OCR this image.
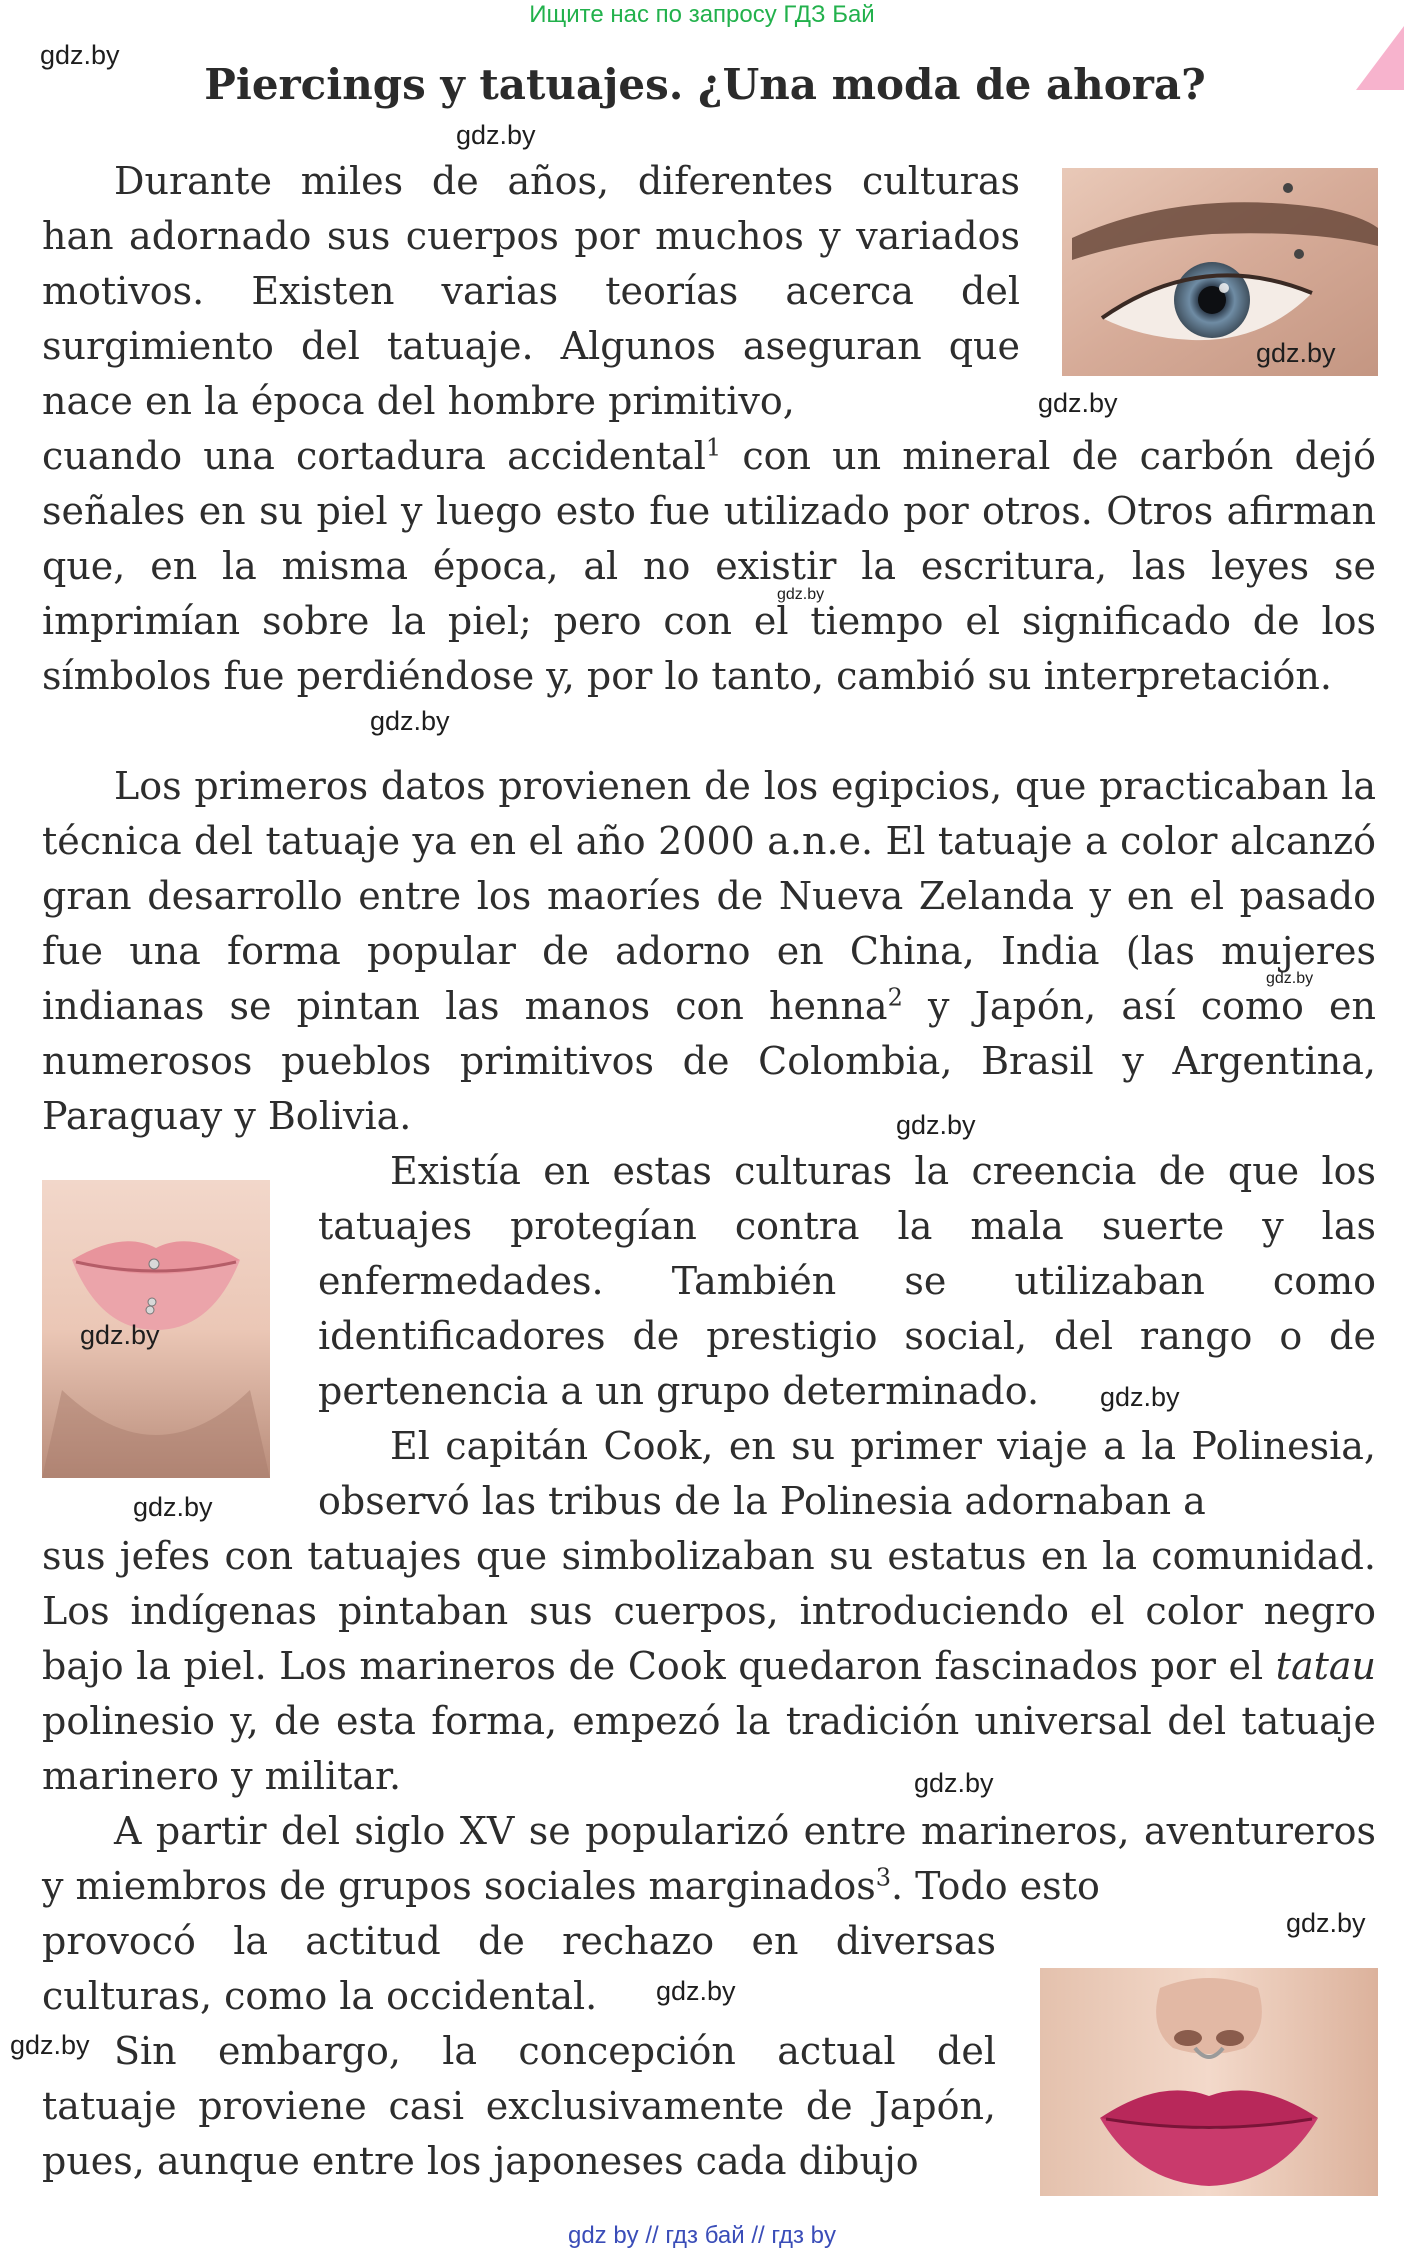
Ищите нас по запросу ГДЗ Бай
gdz.by
Piercings y tatuajes. ¿Una moda de ahora?
gdz.by
gdz.by

Durante miles de años, diferentes culturas han adornado sus cuerpos por muchos y variados motivos. Existen varias teorías acerca del surgimiento del tatuaje. Algunos aseguran que nace en la época del hombre primitivo,	gdz.by

cuando una cortadura accidental$^1$ con un mineral de carbón dejó señales en su piel y luego esto fue utilizado por otros. Otros afirman que, en la misma época, al no existir la escritura, las leyes se imprimían sobre la piel; pero con el tiempo el significado de los símbolos fue perdiéndose y, por lo tanto, cambió su interpretación.

gdz.by
gdz.by

Los primeros datos provienen de los egipcios, que practicaban la técnica del tatuaje ya en el año 2000 a.n.e. El tatuaje a color alcanzó gran desarrollo entre los maoríes de Nueva Zelanda y en el pasado fue una forma popular de adorno en China, India (las mujeres indianas se pintan las manos con henna$^2$ y Japón, así como en numerosos pueblos primitivos de Colombia, Brasil y Argentina, Paraguay y Bolivia.

gdz.by
gdz.by
gdz.by
gdz.by

Existía en estas culturas la creencia de que los tatuajes protegían contra la mala suerte y las enfermedades. También se utilizaban como identificadores de prestigio social, del rango o de pertenencia a un grupo determinado.	gdz.by

El capitán Cook, en su primer viaje a la Polinesia, observó las tribus de la Polinesia adornaban a

sus jefes con tatuajes que simbolizaban su estatus en la comunidad. Los indígenas pintaban sus cuerpos, introduciendo el color negro bajo la piel. Los marineros de Cook quedaron fascinados por el tatau polinesio y, de esta forma, empezó la tradición universal del tatuaje marinero y militar.	gdz.by

A partir del siglo XV se popularizó entre marineros, aventureros y miembros de grupos sociales marginados$^3$. Todo esto

gdz.by

provocó la actitud de rechazo en diversas culturas, como la occidental.	gdz.by
gdz.by Sin embargo, la concepción actual del tatuaje proviene casi exclusivamente de Japón, pues, aunque entre los japoneses cada dibujo

gdz by // гдз бай // гдз by
